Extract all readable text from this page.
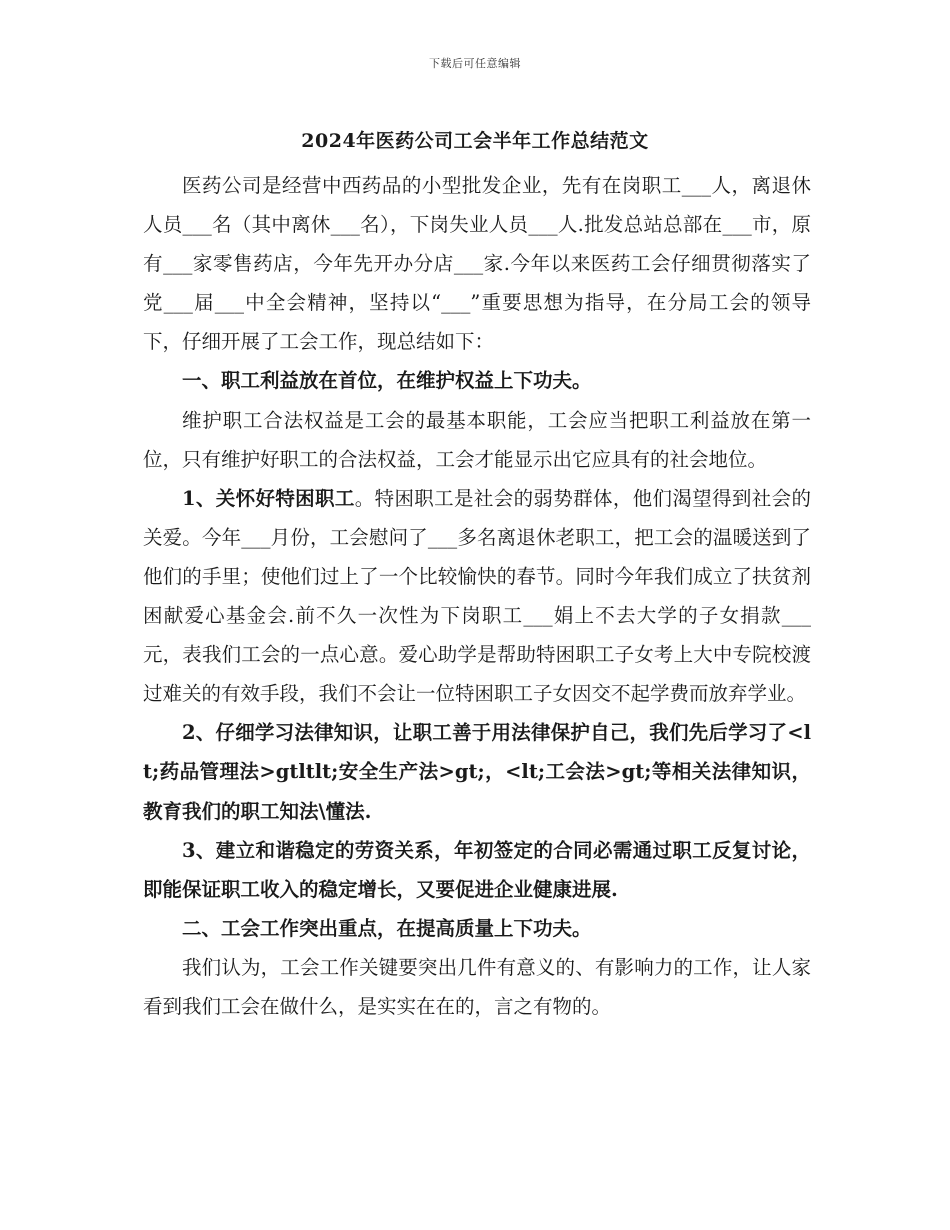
下载后可任意编辑
2024年医药公司工会半年工作总结范文

医药公司是经营中西药品的小型批发企业，先有在岗职工___人，离退休人员___名（其中离休___名），下岗失业人员___人.批发总站总部在___市，原有___家零售药店，今年先开办分店___家.今年以来医药工会仔细贯彻落实了党___届___中全会精神，坚持以“___”重要思想为指导，在分局工会的领导下，仔细开展了工会工作，现总结如下：

一、职工利益放在首位，在维护权益上下功夫。

维护职工合法权益是工会的最基本职能，工会应当把职工利益放在第一位，只有维护好职工的合法权益，工会才能显示出它应具有的社会地位。

1、关怀好特困职工。特困职工是社会的弱势群体，他们渴望得到社会的关爱。今年___月份，工会慰问了___多名离退休老职工，把工会的温暖送到了他们的手里；使他们过上了一个比较愉快的春节。同时今年我们成立了扶贫剂困献爱心基金会.前不久一次性为下岗职工___娟上不去大学的子女捐款___元，表我们工会的一点心意。爱心助学是帮助特困职工子女考上大中专院校渡过难关的有效手段，我们不会让一位特困职工子女因交不起学费而放弃学业。

2、仔细学习法律知识，让职工善于用法律保护自己，我们先后学习了<lt;药品管理法>gtltlt;安全生产法>gt;，<lt;工会法>gt;等相关法律知识，教育我们的职工知法\懂法.

3、建立和谐稳定的劳资关系，年初签定的合同必需通过职工反复讨论，即能保证职工收入的稳定增长，又要促进企业健康进展.

二、工会工作突出重点，在提高质量上下功夫。

我们认为，工会工作关键要突出几件有意义的、有影响力的工作，让人家看到我们工会在做什么，是实实在在的，言之有物的。
